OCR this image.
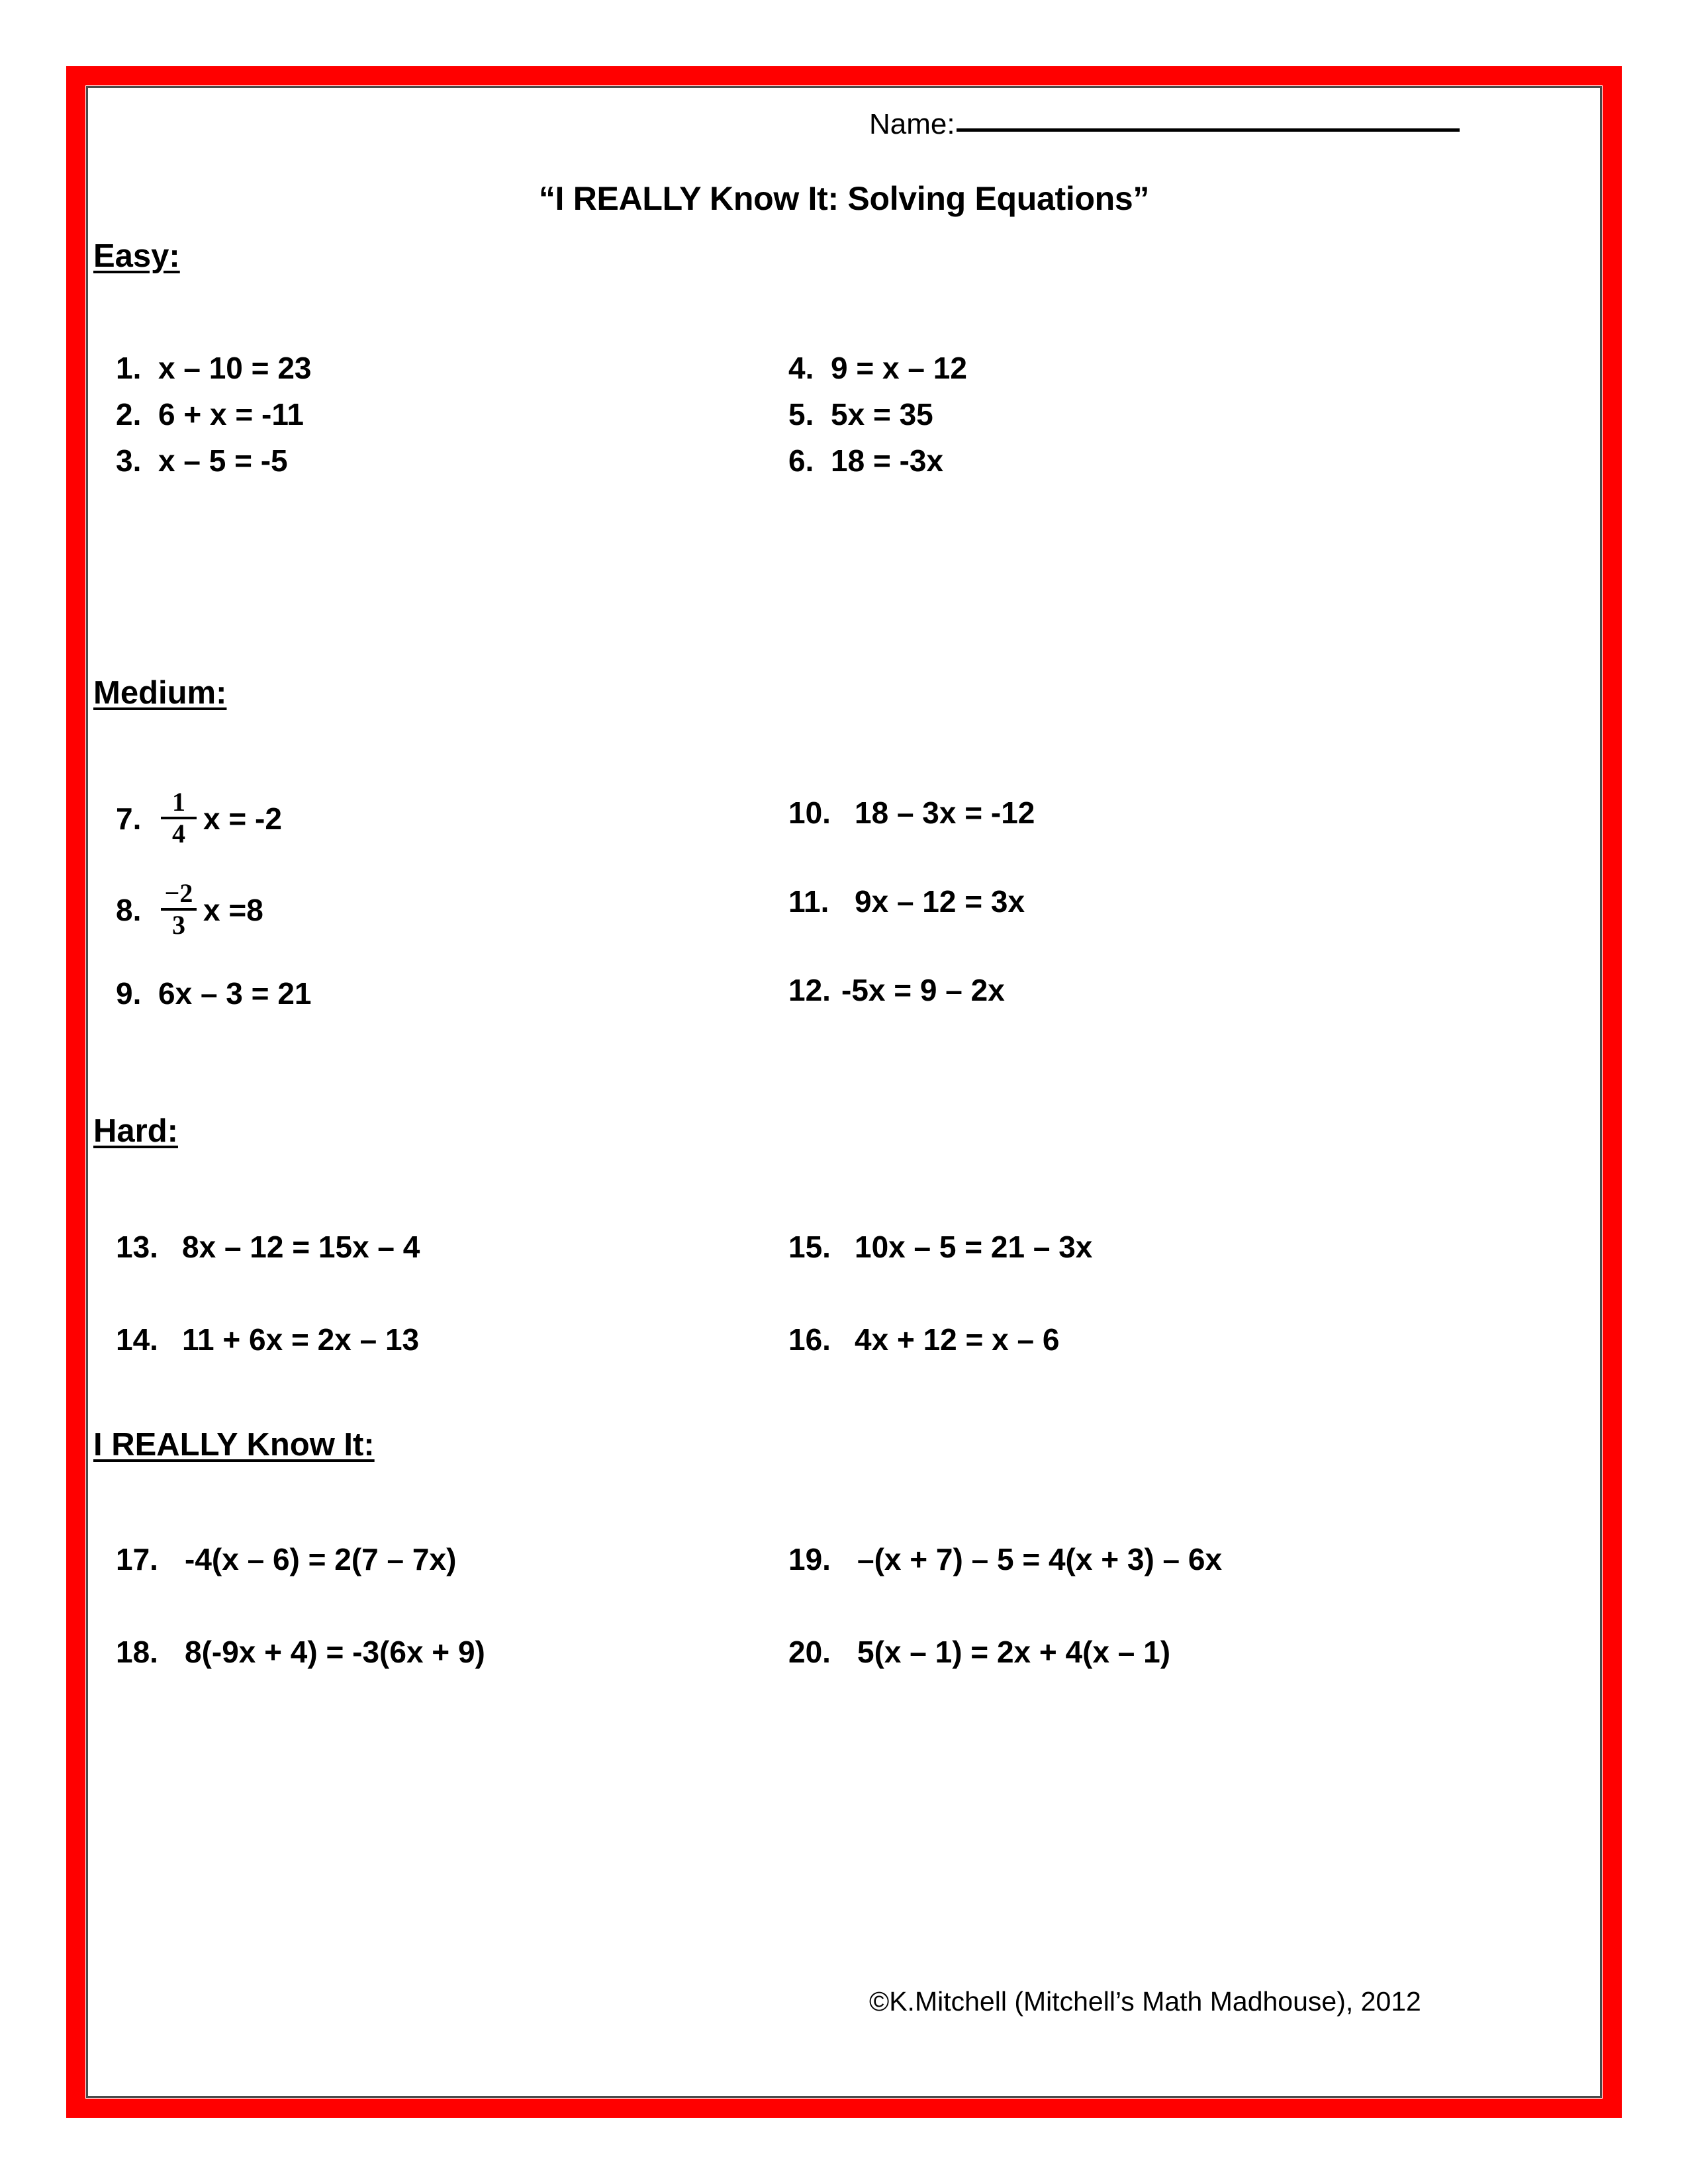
Name:
“I REALLY Know It: Solving Equations”
Easy:
1. x – 10 = 23
2. 6 + x = -11
3. x – 5 = -5
4. 9 = x – 12
5. 5x = 35
6. 18 = -3x
Medium:
7. $\frac{1}{4}$ x = -2
8. $\frac{-2}{3}$ x =8
9. 6x – 3 = 21
10. 18 – 3x = -12
11. 9x – 12 = 3x
12. -5x = 9 – 2x
Hard:
13. 8x – 12 = 15x – 4
14. 11 + 6x = 2x – 13
15. 10x – 5 = 21 – 3x
16. 4x + 12 = x – 6
I REALLY Know It:
17. -4(x – 6) = 2(7 – 7x)
18. 8(-9x + 4) = -3(6x + 9)
19. –(x + 7) – 5 = 4(x + 3) – 6x
20. 5(x – 1) = 2x + 4(x – 1)
©K.Mitchell (Mitchell’s Math Madhouse), 2012
